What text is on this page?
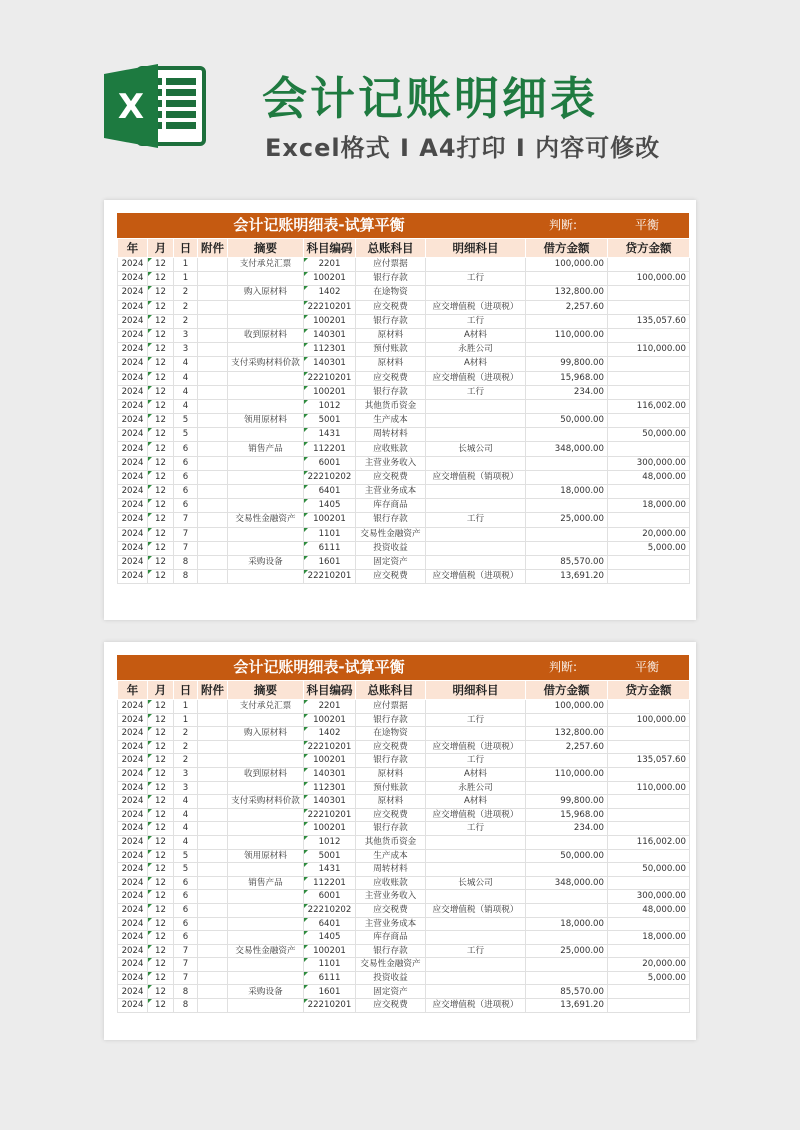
X	会计记账明细表
Excel格式 I A4打印 I 内容可修改
会计记账明细表-试算平衡	判断:	平衡
年	月	日	附件	摘要	科目编码	总账科目	明细科目	借方金额	贷方金额
2024	12	1		支付承兑汇票	2201	应付票据		100,000.00	
2024	12	1			100201	银行存款	工行		100,000.00
2024	12	2		购入原材料	1402	在途物资		132,800.00	
2024	12	2			22210201	应交税费	应交增值税（进项税）	2,257.60	
2024	12	2			100201	银行存款	工行		135,057.60
2024	12	3		收到原材料	140301	原材料	A材料	110,000.00	
2024	12	3			112301	预付账款	永胜公司		110,000.00
2024	12	4		支付采购材料价款	140301	原材料	A材料	99,800.00	
2024	12	4			22210201	应交税费	应交增值税（进项税）	15,968.00	
2024	12	4			100201	银行存款	工行	234.00	
2024	12	4			1012	其他货币资金			116,002.00
2024	12	5		领用原材料	5001	生产成本		50,000.00	
2024	12	5			1431	周转材料			50,000.00
2024	12	6		销售产品	112201	应收账款	长城公司	348,000.00	
2024	12	6			6001	主营业务收入			300,000.00
2024	12	6			22210202	应交税费	应交增值税（销项税）		48,000.00
2024	12	6			6401	主营业务成本		18,000.00	
2024	12	6			1405	库存商品			18,000.00
2024	12	7		交易性金融资产	100201	银行存款	工行	25,000.00	
2024	12	7			1101	交易性金融资产			20,000.00
2024	12	7			6111	投资收益			5,000.00
2024	12	8		采购设备	1601	固定资产		85,570.00	
2024	12	8			22210201	应交税费	应交增值税（进项税）	13,691.20	
会计记账明细表-试算平衡	判断:	平衡
年	月	日	附件	摘要	科目编码	总账科目	明细科目	借方金额	贷方金额
2024	12	1		支付承兑汇票	2201	应付票据		100,000.00	
2024	12	1			100201	银行存款	工行		100,000.00
2024	12	2		购入原材料	1402	在途物资		132,800.00	
2024	12	2			22210201	应交税费	应交增值税（进项税）	2,257.60	
2024	12	2			100201	银行存款	工行		135,057.60
2024	12	3		收到原材料	140301	原材料	A材料	110,000.00	
2024	12	3			112301	预付账款	永胜公司		110,000.00
2024	12	4		支付采购材料价款	140301	原材料	A材料	99,800.00	
2024	12	4			22210201	应交税费	应交增值税（进项税）	15,968.00	
2024	12	4			100201	银行存款	工行	234.00	
2024	12	4			1012	其他货币资金			116,002.00
2024	12	5		领用原材料	5001	生产成本		50,000.00	
2024	12	5			1431	周转材料			50,000.00
2024	12	6		销售产品	112201	应收账款	长城公司	348,000.00	
2024	12	6			6001	主营业务收入			300,000.00
2024	12	6			22210202	应交税费	应交增值税（销项税）		48,000.00
2024	12	6			6401	主营业务成本		18,000.00	
2024	12	6			1405	库存商品			18,000.00
2024	12	7		交易性金融资产	100201	银行存款	工行	25,000.00	
2024	12	7			1101	交易性金融资产			20,000.00
2024	12	7			6111	投资收益			5,000.00
2024	12	8		采购设备	1601	固定资产		85,570.00	
2024	12	8			22210201	应交税费	应交增值税（进项税）	13,691.20	
